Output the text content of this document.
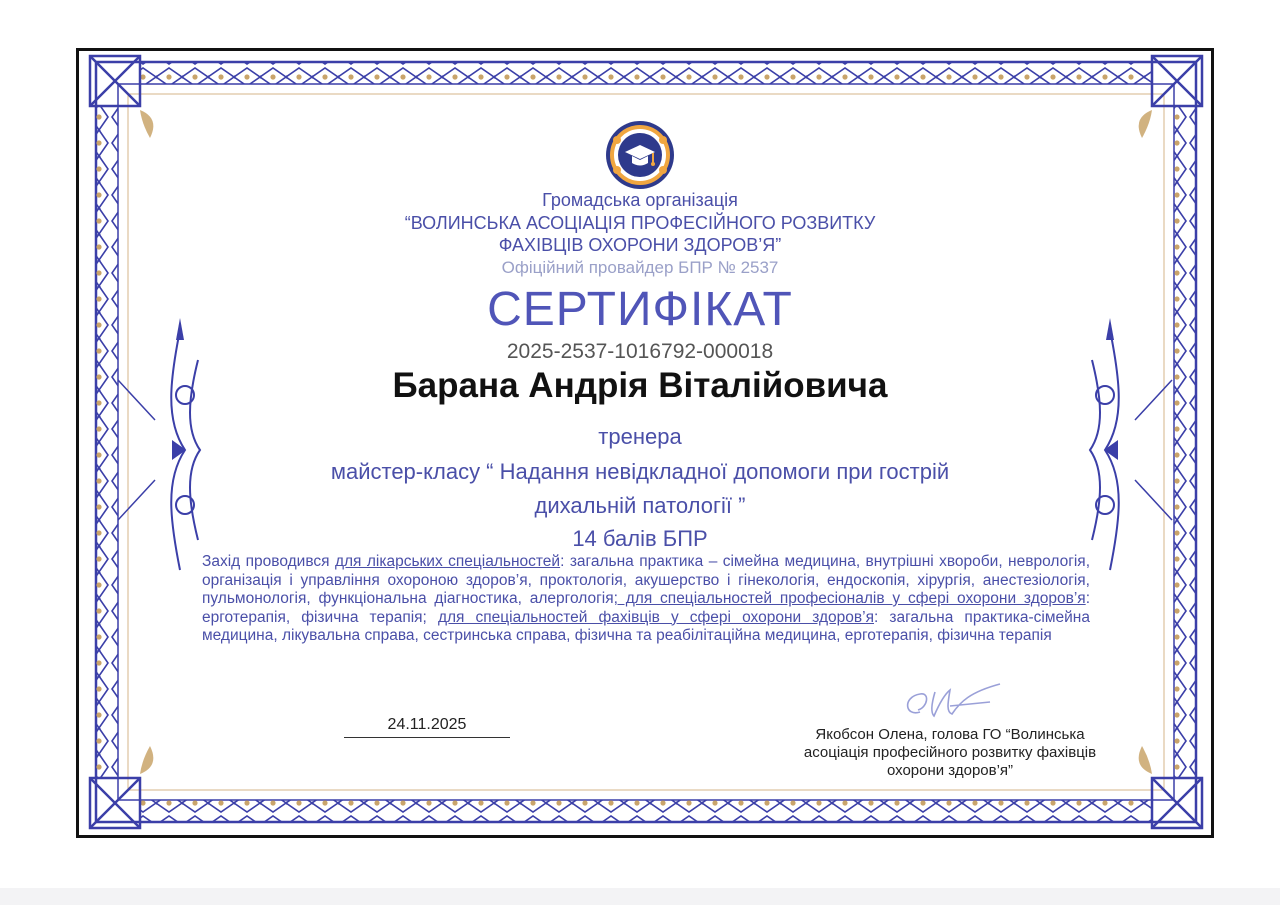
Громадська організація
“ВОЛИНСЬКА АСОЦІАЦІЯ ПРОФЕСІЙНОГО РОЗВИТКУ
ФАХІВЦІВ ОХОРОНИ ЗДОРОВ’Я”
Офіційний провайдер БПР № 2537
СЕРТИФІКАТ
2025-2537-1016792-000018
Барана Андрія Віталійовича
тренера
майстер-класу “ Надання невідкладної допомоги при гострій
дихальній патології ”
14 балів БПР
Захід проводився для лікарських спеціальностей: загальна практика – сімейна медицина, внутрішні хвороби, неврологія, організація і управління охороною здоров’я, проктологія, акушерство і гінекологія, ендоскопія, хірургія, анестезіологія, пульмонологія, функціональна діагностика, алергологія; для спеціальностей професіоналів у сфері охорони здоров’я: ерготерапія, фізична терапія; для спеціальностей фахівців у сфері охорони здоров’я: загальна практика-сімейна медицина, лікувальна справа, сестринська справа, фізична та реабілітаційна медицина, ерготерапія, фізична терапія
24.11.2025
Якобсон Олена, голова ГО “Волинська
асоціація професійного розвитку фахівців
охорони здоров’я”
